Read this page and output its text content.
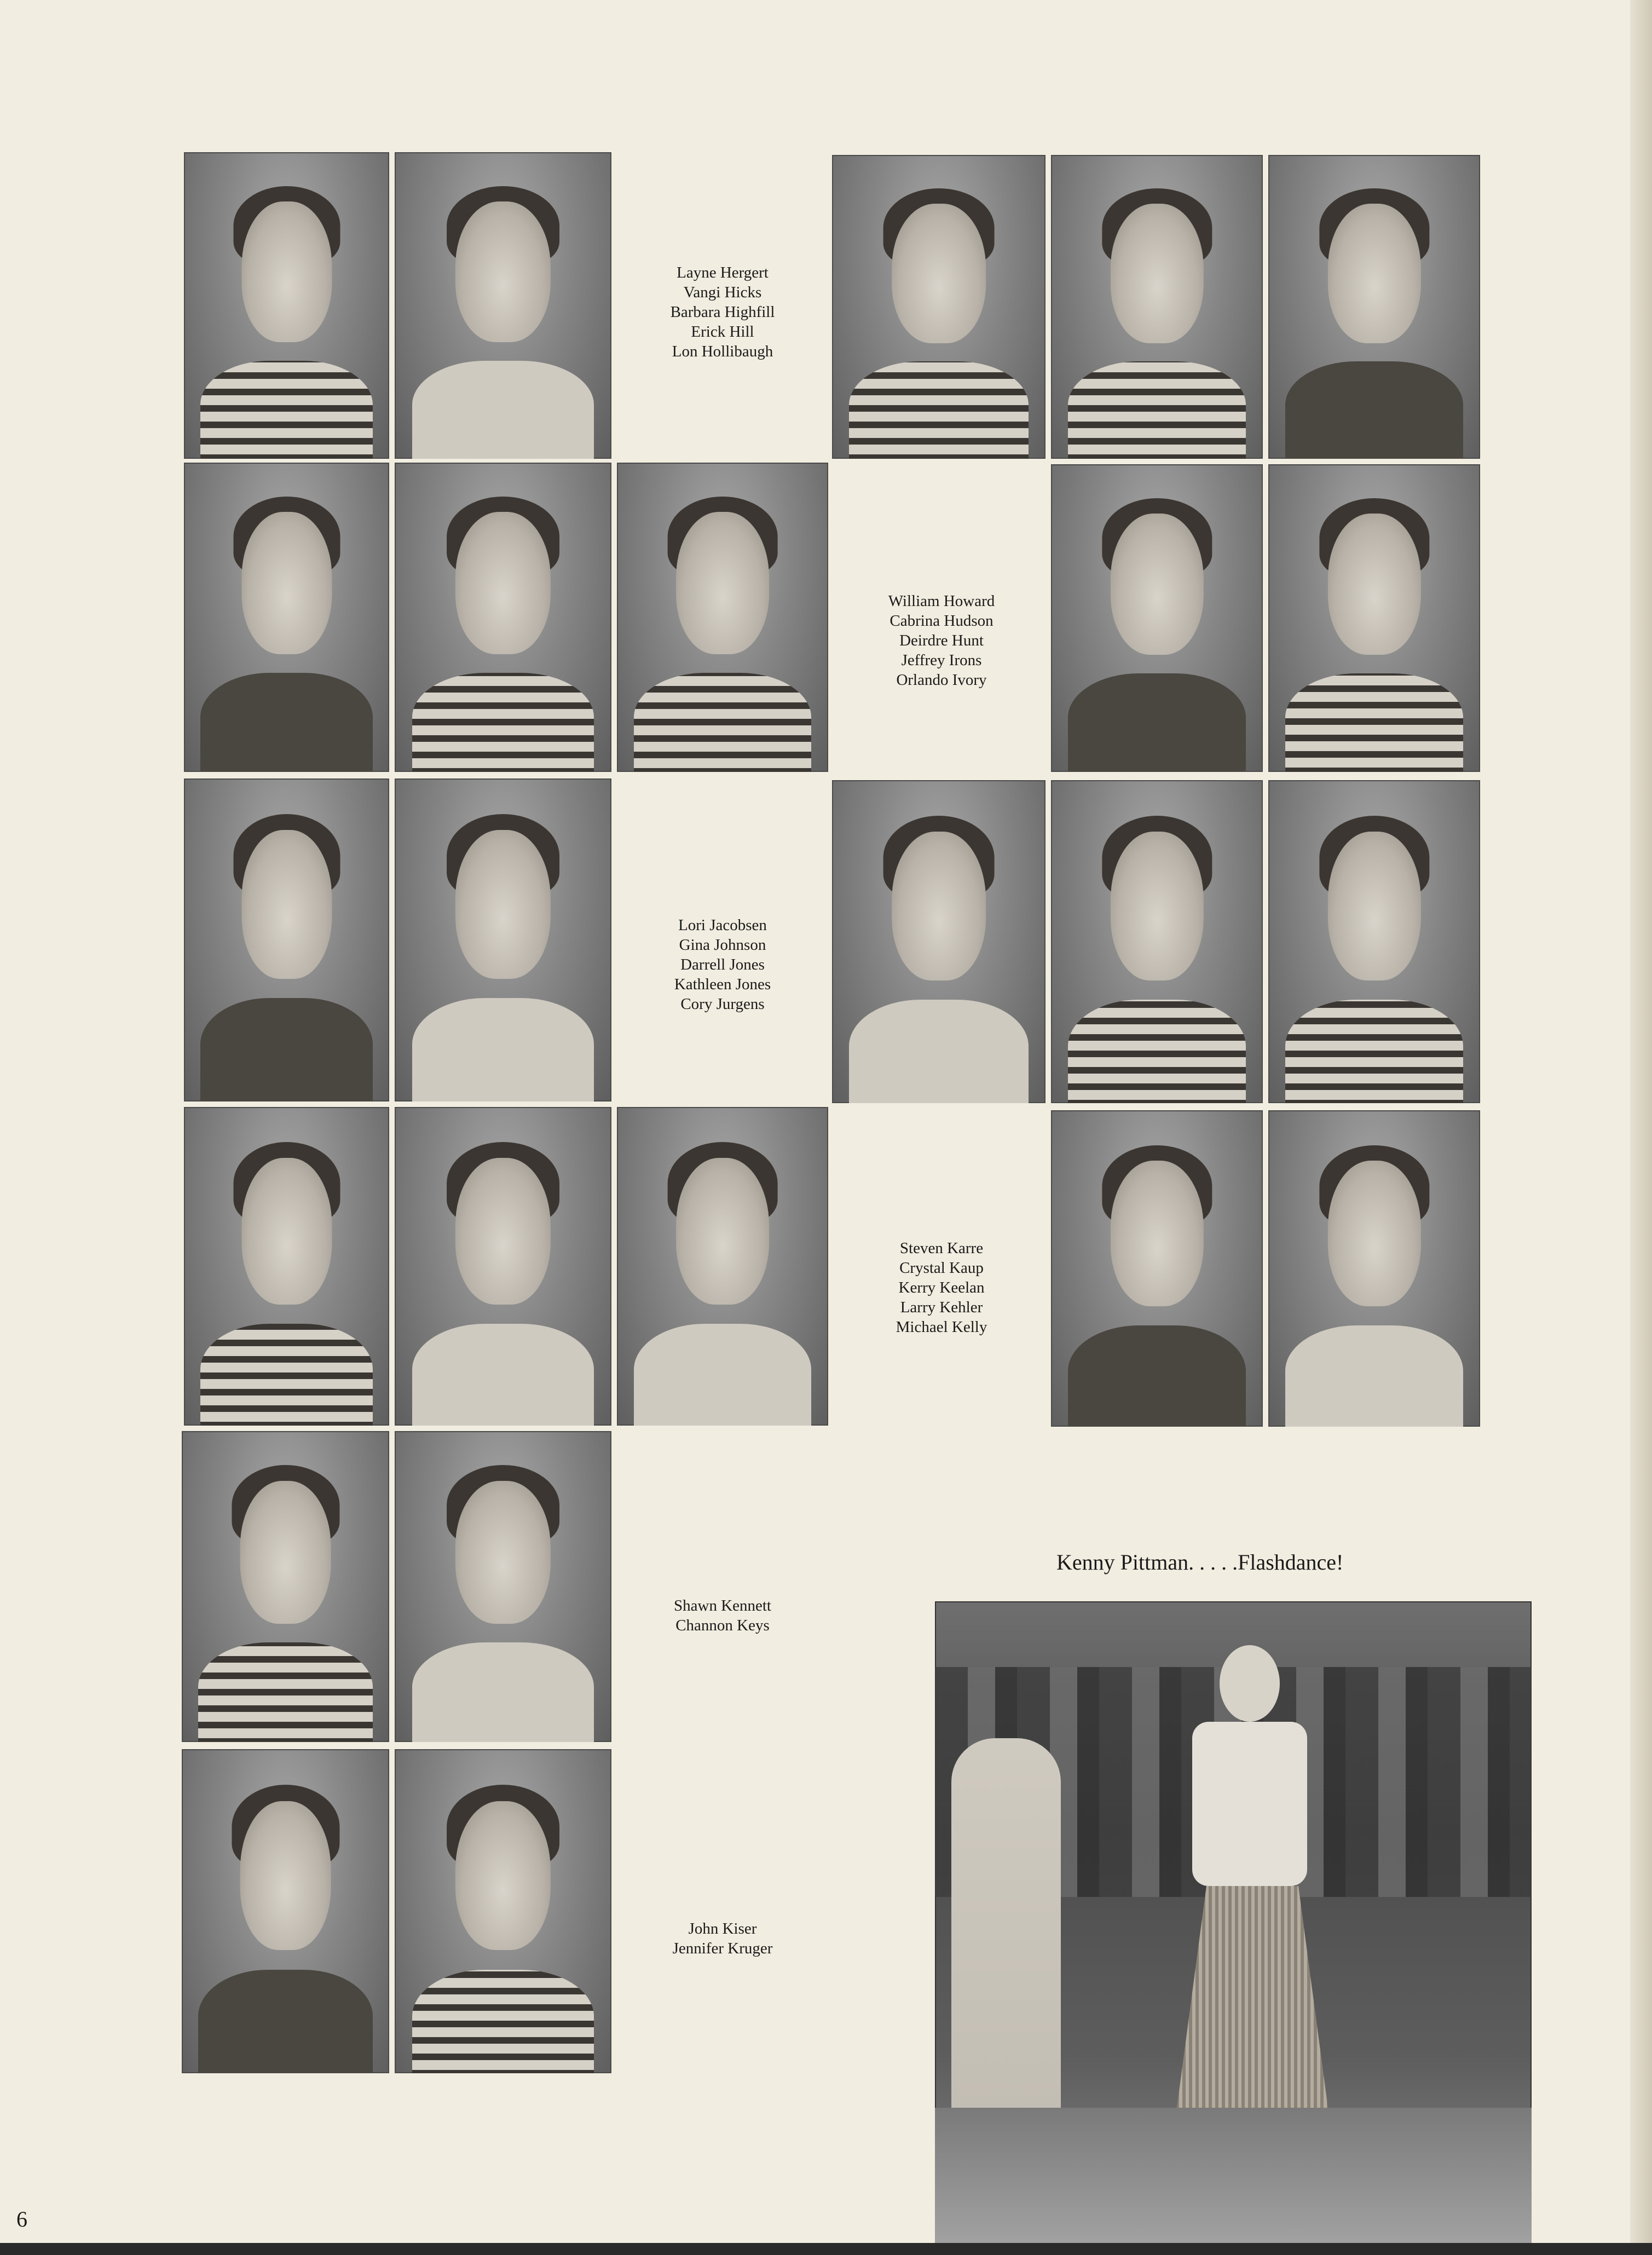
Layne Hergert
Vangi Hicks
Barbara Highfill
Erick Hill
Lon Hollibaugh
William Howard
Cabrina Hudson
Deirdre Hunt
Jeffrey Irons
Orlando Ivory
Lori Jacobsen
Gina Johnson
Darrell Jones
Kathleen Jones
Cory Jurgens
Steven Karre
Crystal Kaup
Kerry Keelan
Larry Kehler
Michael Kelly
Shawn Kennett
Channon Keys
John Kiser
Jennifer Kruger
Kenny Pittman. . . . .Flashdance!
6
